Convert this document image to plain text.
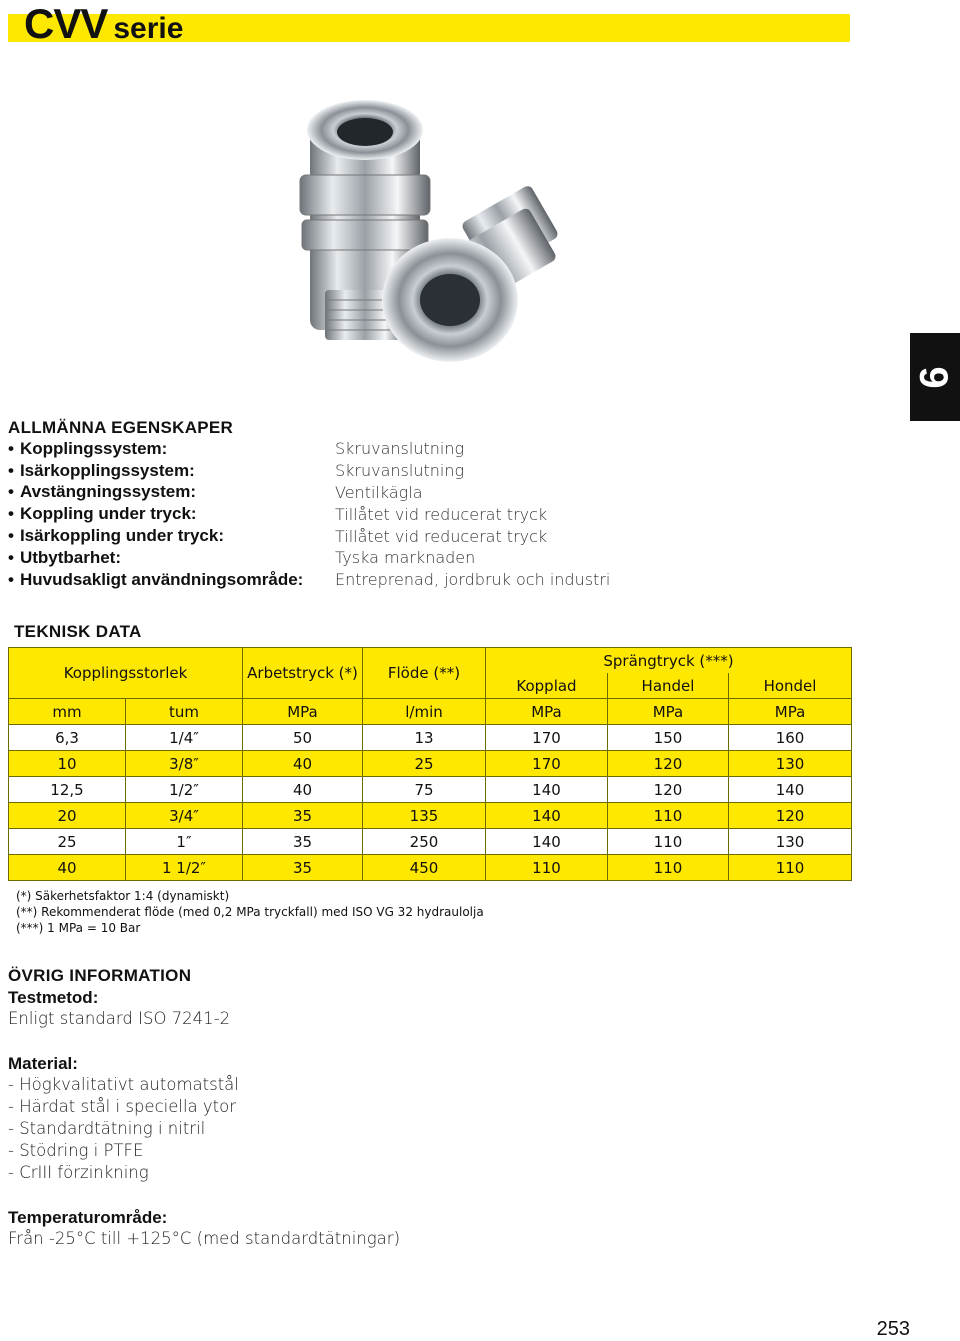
CVV serie
6
ALLMÄNNA EGENSKAPER
• Kopplingssystem:	Skruvanslutning
• Isärkopplingssystem:	Skruvanslutning
• Avstängningssystem:	Ventilkägla
• Koppling under tryck:	Tillåtet vid reducerat tryck
• Isärkoppling under tryck:	Tillåtet vid reducerat tryck
• Utbytbarhet:	Tyska marknaden
• Huvudsakligt användningsområde:	Entreprenad, jordbruk och industri
TEKNISK DATA
Kopplingsstorlek		Arbetstryck (*)	Flöde (**)	Sprängtryck (***)		
				Kopplad	Handel	Hondel
mm	tum	MPa	l/min	MPa	MPa	MPa
6,3	1/4″	50	13	170	150	160
10	3/8″	40	25	170	120	130
12,5	1/2″	40	75	140	120	140
20	3/4″	35	135	140	110	120
25	1″	35	250	140	110	130
40	1 1/2″	35	450	110	110	110
(*) Säkerhetsfaktor 1:4 (dynamiskt)
(**) Rekommenderat flöde (med 0,2 MPa tryckfall) med ISO VG 32 hydraulolja
(***) 1 MPa = 10 Bar
ÖVRIG INFORMATION
Testmetod:
Enligt standard ISO 7241-2
Material:
- Högkvalitativt automatstål
- Härdat stål i speciella ytor
- Standardtätning i nitril
- Stödring i PTFE
- CrIII förzinkning
Temperaturområde:
Från -25°C till +125°C (med standardtätningar)
253
